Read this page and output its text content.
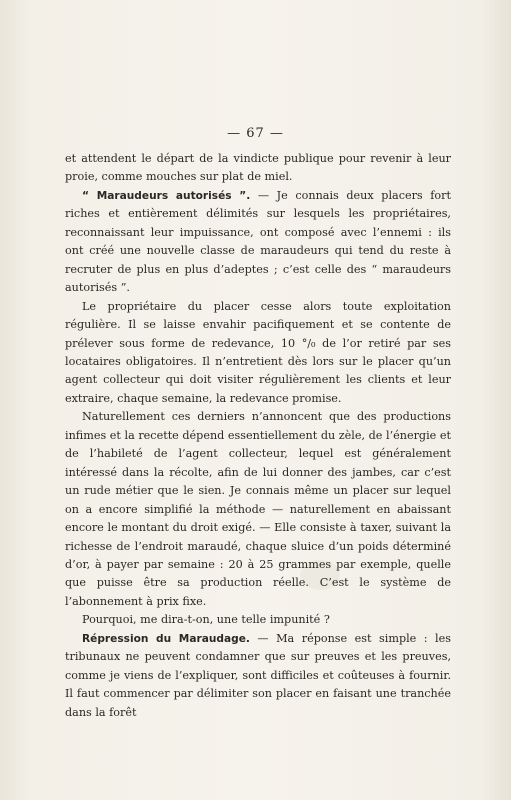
— 67 —

et attendent le départ de la vindicte publique pour revenir à leur proie, comme mouches sur plat de miel.

“ Maraudeurs autorisés ”. — Je connais deux placers fort riches et entièrement délimités sur lesquels les propriétaires, reconnaissant leur impuissance, ont composé avec l’ennemi : ils ont créé une nouvelle classe de maraudeurs qui tend du reste à recruter de plus en plus d’adeptes ; c’est celle des “ maraudeurs autorisés ”.

Le propriétaire du placer cesse alors toute exploitation régulière. Il se laisse envahir pacifiquement et se contente de prélever sous forme de redevance, 10 °/₀ de l’or retiré par ses locataires obligatoires. Il n’entretient dès lors sur le placer qu’un agent collecteur qui doit visiter régulièrement les clients et leur extraire, chaque semaine, la redevance promise.

Naturellement ces derniers n’annoncent que des productions infimes et la recette dépend essentiellement du zèle, de l’énergie et de l’habileté de l’agent collecteur, lequel est généralement intéressé dans la récolte, afin de lui donner des jambes, car c’est un rude métier que le sien. Je connais même un placer sur lequel on a encore simplifié la méthode — naturellement en abaissant encore le montant du droit exigé. — Elle consiste à taxer, suivant la richesse de l’endroit maraudé, chaque sluice d’un poids déterminé d’or, à payer par semaine : 20 à 25 grammes par exemple, quelle que puisse être sa production réelle. C’est le système de l’abonnement à prix fixe.

Pourquoi, me dira-t-on, une telle impunité ?

Répression du Maraudage. — Ma réponse est simple : les tribunaux ne peuvent condamner que sur preuves et les preuves, comme je viens de l’expliquer, sont difficiles et coûteuses à fournir. Il faut commencer par délimiter son placer en faisant une tranchée dans la forêt
